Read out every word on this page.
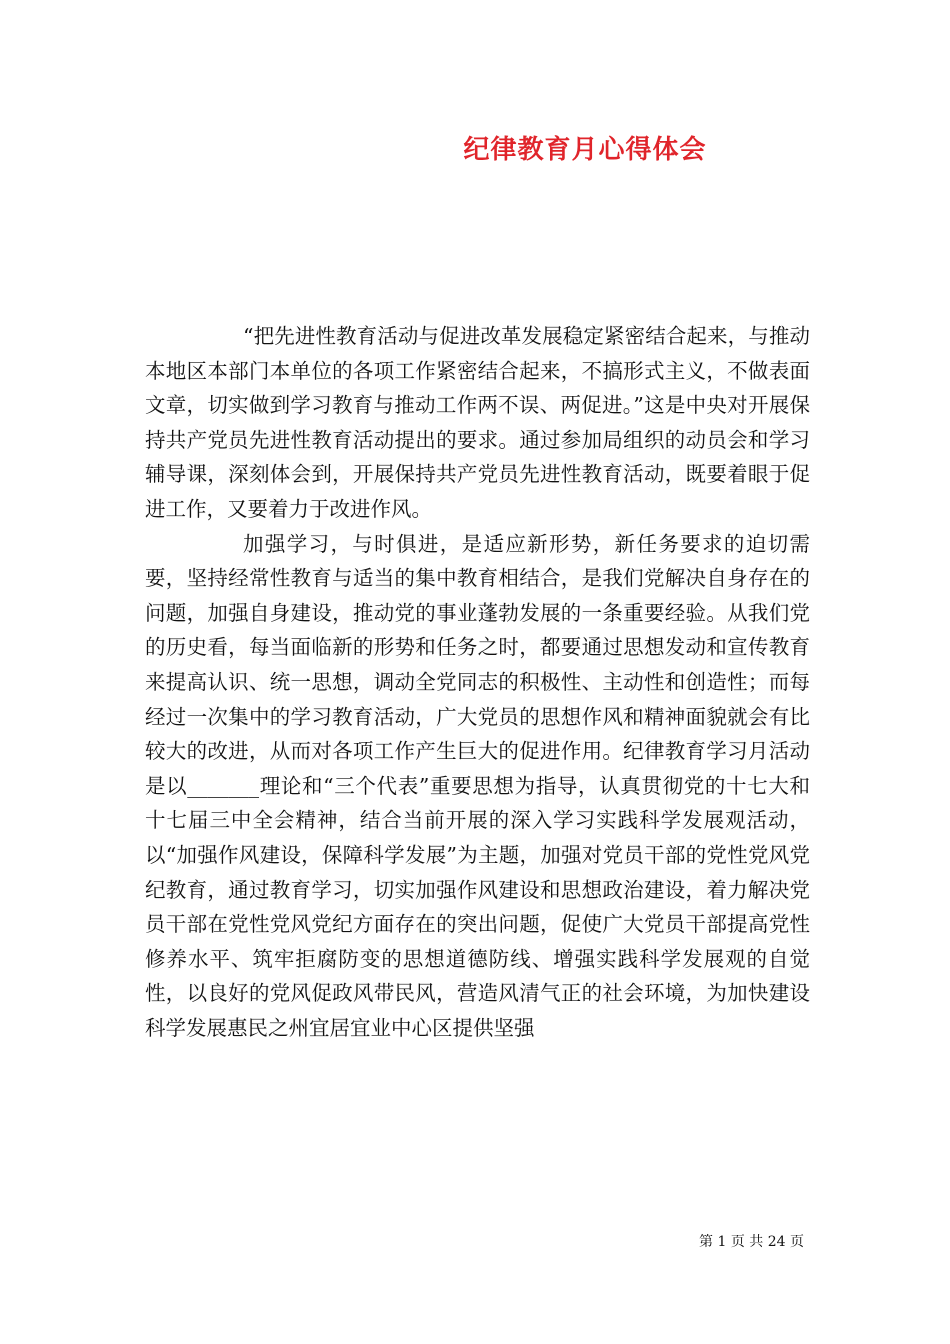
纪律教育月心得体会

“把先进性教育活动与促进改革发展稳定紧密结合起来，与推动本地区本部门本单位的各项工作紧密结合起来，不搞形式主义，不做表面文章，切实做到学习教育与推动工作两不误、两促进。”这是中央对开展保持共产党员先进性教育活动提出的要求。通过参加局组织的动员会和学习辅导课，深刻体会到，开展保持共产党员先进性教育活动，既要着眼于促进工作，又要着力于改进作风。

加强学习，与时俱进，是适应新形势，新任务要求的迫切需要，坚持经常性教育与适当的集中教育相结合，是我们党解决自身存在的问题，加强自身建设，推动党的事业蓬勃发展的一条重要经验。从我们党的历史看，每当面临新的形势和任务之时，都要通过思想发动和宣传教育来提高认识、统一思想，调动全党同志的积极性、主动性和创造性；而每经过一次集中的学习教育活动，广大党员的思想作风和精神面貌就会有比较大的改进，从而对各项工作产生巨大的促进作用。纪律教育学习月活动是以_______理论和“三个代表”重要思想为指导，认真贯彻党的十七大和十七届三中全会精神，结合当前开展的深入学习实践科学发展观活动，以“加强作风建设，保障科学发展”为主题，加强对党员干部的党性党风党纪教育，通过教育学习，切实加强作风建设和思想政治建设，着力解决党员干部在党性党风党纪方面存在的突出问题，促使广大党员干部提高党性修养水平、筑牢拒腐防变的思想道德防线、增强实践科学发展观的自觉性，以良好的党风促政风带民风，营造风清气正的社会环境，为加快建设科学发展惠民之州宜居宜业中心区提供坚强

第 1 页 共 24 页
